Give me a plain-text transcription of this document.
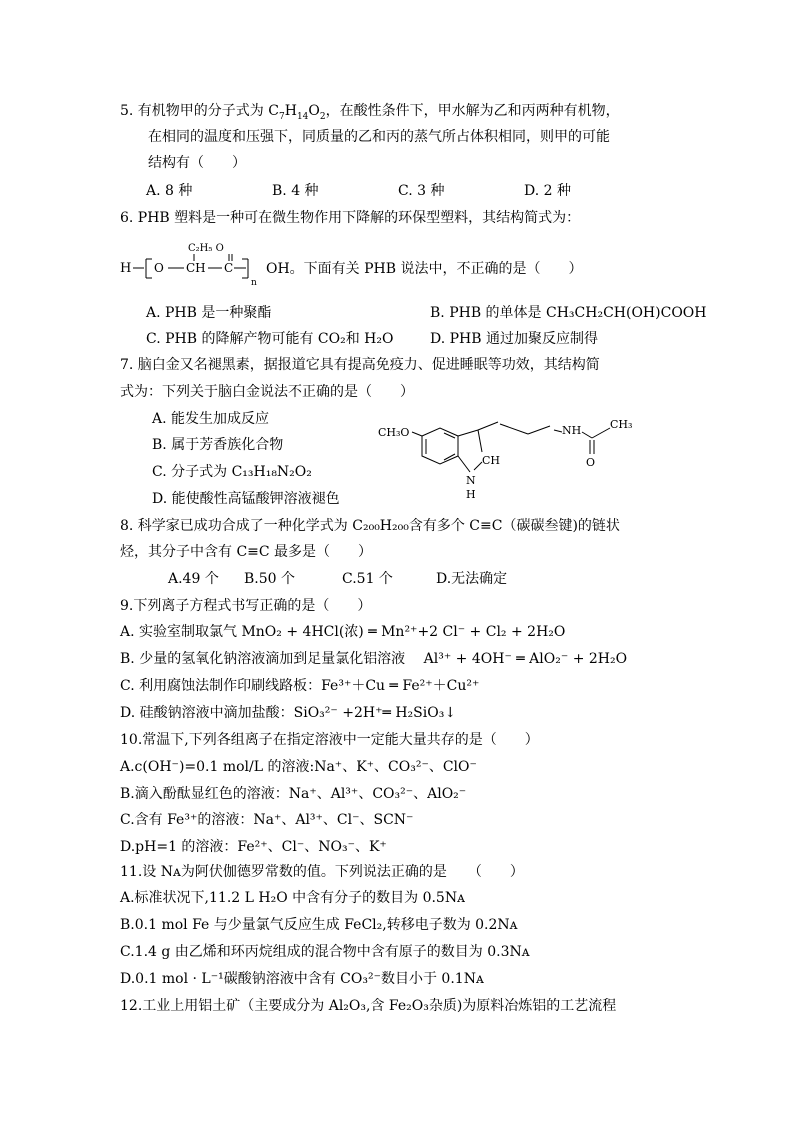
5. 有机物甲的分子式为 $C_7H_{14}O_2$，在酸性条件下，甲水解为乙和丙两种有机物，
在相同的温度和压强下，同质量的乙和丙的蒸气所占体积相同，则甲的可能
结构有（　　）
A. 8 种	B. 4 种	C. 3 种	D. 2 种
6. PHB 塑料是一种可在微生物作用下降解的环保型塑料，其结构简式为：
C₂H₅ O
H O CH C
n
OH。下面有关 PHB 说法中，不正确的是（　　）
A. PHB 是一种聚酯	B. PHB 的单体是 CH₃CH₂CH(OH)COOH
C. PHB 的降解产物可能有 CO₂和 H₂O	D. PHB 通过加聚反应制得
7. 脑白金又名褪黑素，据报道它具有提高免疫力、促进睡眠等功效，其结构简
式为：下列关于脑白金说法不正确的是（　　）
A. 能发生加成反应
B. 属于芳香族化合物
C. 分子式为 C₁₃H₁₈N₂O₂
D. 能使酸性高锰酸钾溶液褪色
CH₃O
CH
N
H
NH	CH₃
O
8. 科学家已成功合成了一种化学式为 C₂₀₀H₂₀₀含有多个 C≡C（碳碳叁键)的链状
烃，其分子中含有 C≡C 最多是（　　）
A.49 个 B.50 个	C.51 个	D.无法确定
9.下列离子方程式书写正确的是（　　）
A. 实验室制取氯气 MnO₂ + 4HCl(浓) ═ Mn²⁺+2 Cl⁻ + Cl₂ + 2H₂O
B. 少量的氢氧化钠溶液滴加到足量氯化铝溶液　 Al³⁺ + 4OH⁻ ═ AlO₂⁻ + 2H₂O
C. 利用腐蚀法制作印刷线路板：Fe³⁺＋Cu ═ Fe²⁺＋Cu²⁺
D. 硅酸钠溶液中滴加盐酸：SiO₃²⁻ +2H⁺═ H₂SiO₃↓
10.常温下,下列各组离子在指定溶液中一定能大量共存的是（　　）
A.c(OH⁻)=0.1 mol/L 的溶液:Na⁺、K⁺、CO₃²⁻、ClO⁻
B.滴入酚酞显红色的溶液：Na⁺、Al³⁺、CO₃²⁻、AlO₂⁻
C.含有 Fe³⁺的溶液：Na⁺、Al³⁺、Cl⁻、SCN⁻
D.pH=1 的溶液：Fe²⁺、Cl⁻、NO₃⁻、K⁺
11.设 Nᴀ为阿伏伽德罗常数的值。下列说法正确的是　　（　　）
A.标准状况下,11.2 L H₂O 中含有分子的数目为 0.5Nᴀ
B.0.1 mol Fe 与少量氯气反应生成 FeCl₂,转移电子数为 0.2Nᴀ
C.1.4 g 由乙烯和环丙烷组成的混合物中含有原子的数目为 0.3Nᴀ
D.0.1 mol · L⁻¹碳酸钠溶液中含有 CO₃²⁻数目小于 0.1Nᴀ
12.工业上用铝土矿（主要成分为 Al₂O₃,含 Fe₂O₃杂质)为原料冶炼铝的工艺流程
